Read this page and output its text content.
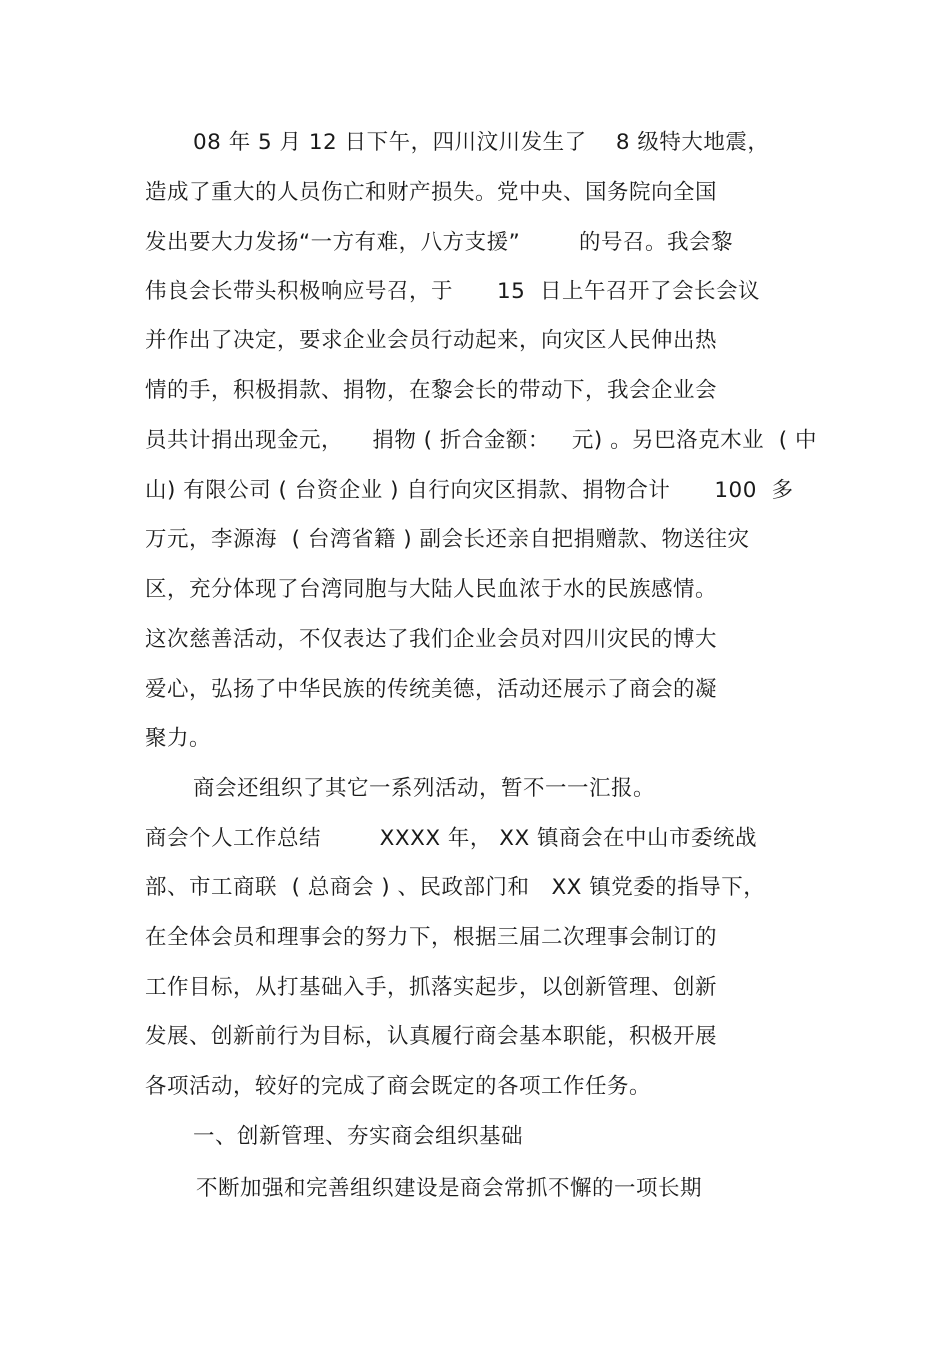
08 年 5 月 12 日下午，四川汶川发生了    8 级特大地震，
造成了重大的人员伤亡和财产损失。党中央、国务院向全国
发出要大力发扬“一方有难，八方支援”        的号召。我会黎
伟良会长带头积极响应号召，于      15  日上午召开了会长会议
并作出了决定，要求企业会员行动起来，向灾区人民伸出热
情的手，积极捐款、捐物，在黎会长的带动下，我会企业会
员共计捐出现金元，    捐物 ( 折合金额：   元) 。另巴洛克木业  ( 中
山) 有限公司 ( 台资企业 ) 自行向灾区捐款、捐物合计      100  多
万元，李源海  ( 台湾省籍 ) 副会长还亲自把捐赠款、物送往灾
区，充分体现了台湾同胞与大陆人民血浓于水的民族感情。
这次慈善活动，不仅表达了我们企业会员对四川灾民的博大
爱心，弘扬了中华民族的传统美德，活动还展示了商会的凝
聚力。
商会还组织了其它一系列活动，暂不一一汇报。
商会个人工作总结        XXXX 年， XX 镇商会在中山市委统战
部、市工商联  ( 总商会 ) 、民政部门和   XX 镇党委的指导下，
在全体会员和理事会的努力下，根据三届二次理事会制订的
工作目标，从打基础入手，抓落实起步，以创新管理、创新
发展、创新前行为目标，认真履行商会基本职能，积极开展
各项活动，较好的完成了商会既定的各项工作任务。
一、创新管理、夯实商会组织基础
不断加强和完善组织建设是商会常抓不懈的一项长期
